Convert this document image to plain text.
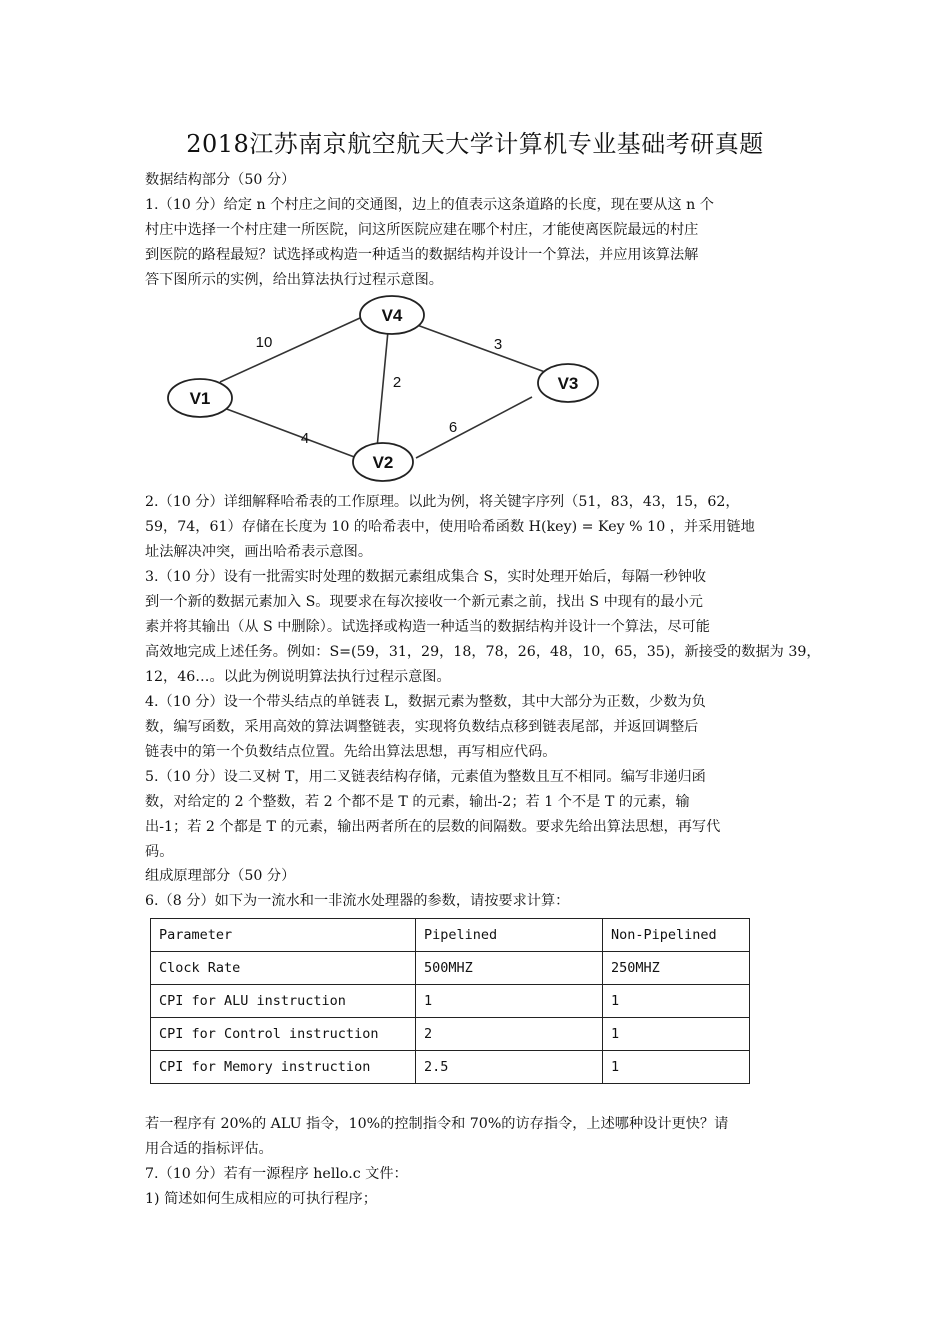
2018江苏南京航空航天大学计算机专业基础考研真题
数据结构部分（50 分）
1.（10 分）给定 n 个村庄之间的交通图，边上的值表示这条道路的长度，现在要从这 n 个
村庄中选择一个村庄建一所医院，问这所医院应建在哪个村庄，才能使离医院最远的村庄
到医院的路程最短？试选择或构造一种适当的数据结构并设计一个算法，并应用该算法解
答下图所示的实例，给出算法执行过程示意图。
V4
V1
V3
V2
10	3
2
4
6
2.（10 分）详细解释哈希表的工作原理。以此为例，将关键字序列（51，83，43，15，62，
59，74，61）存储在长度为 10 的哈希表中，使用哈希函数 H(key) = Key % 10 ，并采用链地
址法解决冲突，画出哈希表示意图。
3.（10 分）设有一批需实时处理的数据元素组成集合 S，实时处理开始后，每隔一秒钟收
到一个新的数据元素加入 S。现要求在每次接收一个新元素之前，找出 S 中现有的最小元
素并将其输出（从 S 中删除）。试选择或构造一种适当的数据结构并设计一个算法，尽可能
高效地完成上述任务。例如：S=(59，31，29，18，78，26，48，10，65，35)，新接受的数据为 39，
12，46…。以此为例说明算法执行过程示意图。
4.（10 分）设一个带头结点的单链表 L，数据元素为整数，其中大部分为正数，少数为负
数，编写函数，采用高效的算法调整链表，实现将负数结点移到链表尾部，并返回调整后
链表中的第一个负数结点位置。先给出算法思想，再写相应代码。
5.（10 分）设二叉树 T，用二叉链表结构存储，元素值为整数且互不相同。编写非递归函
数，对给定的 2 个整数，若 2 个都不是 T 的元素，输出-2；若 1 个不是 T 的元素，输
出-1；若 2 个都是 T 的元素，输出两者所在的层数的间隔数。要求先给出算法思想，再写代
码。
组成原理部分（50 分）
6.（8 分）如下为一流水和一非流水处理器的参数，请按要求计算：
Parameter	Pipelined	Non-Pipelined
Clock Rate	500MHZ	250MHZ
CPI for ALU instruction	1	1
CPI for Control instruction	2	1
CPI for Memory instruction	2.5	1
若一程序有 20%的 ALU 指令，10%的控制指令和 70%的访存指令，上述哪种设计更快？请
用合适的指标评估。
7.（10 分）若有一源程序 hello.c 文件：
1) 简述如何生成相应的可执行程序；
